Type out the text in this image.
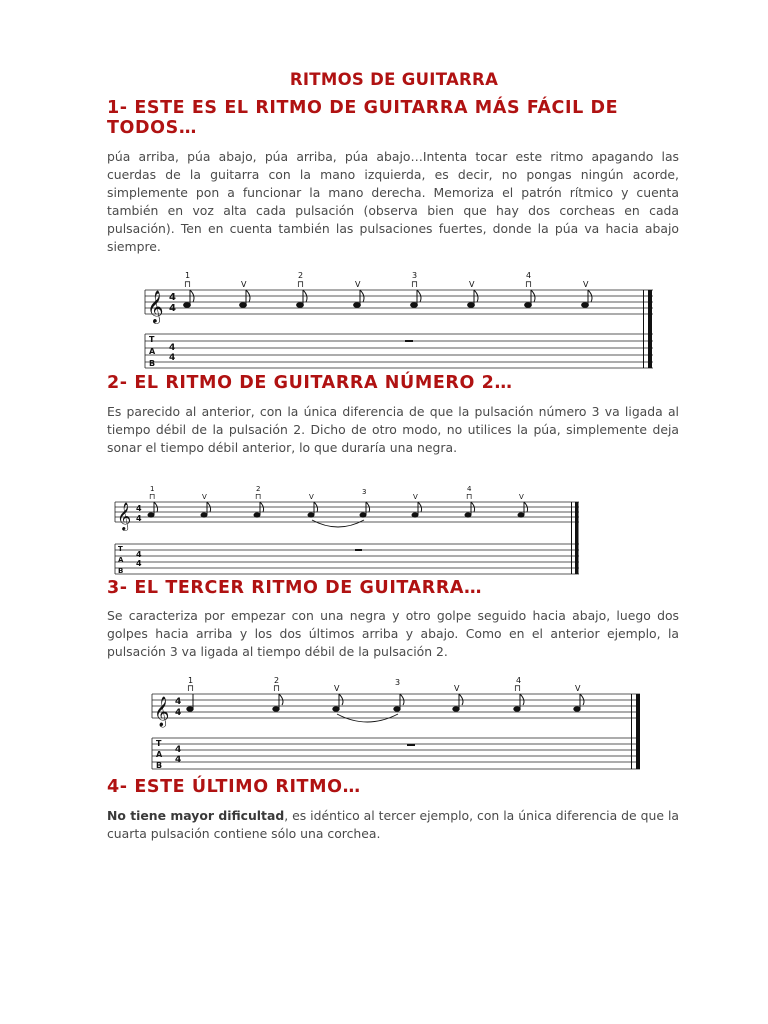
RITMOS DE GUITARRA
1- ESTE ES EL RITMO DE GUITARRA MÁS FÁCIL DE TODOS…
púa arriba, púa abajo, púa arriba, púa abajo…Intenta tocar este ritmo apagando las cuerdas de la guitarra con la mano izquierda, es decir, no pongas ningún acorde, simplemente pon a funcionar la mano derecha. Memoriza el patrón rítmico y cuenta también en voz alta cada pulsación (observa bien que hay dos corcheas en cada pulsación). Ten en cuenta también las pulsaciones fuertes, donde la púa va hacia abajo siempre.
𝄞 4
4
⊓	V	⊓	V	⊓	V	⊓	V
1	2	3	4
T
A
B
4
4
2- EL RITMO DE GUITARRA NÚMERO 2…
Es parecido al anterior, con la única diferencia de que la pulsación número 3 va ligada al tiempo débil de la pulsación 2. Dicho de otro modo, no utilices la púa, simplemente deja sonar el tiempo débil anterior, lo que duraría una negra.
𝄞 4
4
⊓	V	⊓	V	V	⊓	V
1	2	3	4
T
A
B
4
4
3- EL TERCER RITMO DE GUITARRA…
Se caracteriza por empezar con una negra y otro golpe seguido hacia abajo, luego dos golpes hacia arriba y los dos últimos arriba y abajo. Como en el anterior ejemplo, la pulsación 3 va ligada al tiempo débil de la pulsación 2.
𝄞 4
4
⊓	⊓	V	V	⊓	V
1	2	3	4
T
A
B
4
4
4- ESTE ÚLTIMO RITMO…
No tiene mayor dificultad, es idéntico al tercer ejemplo, con la única diferencia de que la cuarta pulsación contiene sólo una corchea.
